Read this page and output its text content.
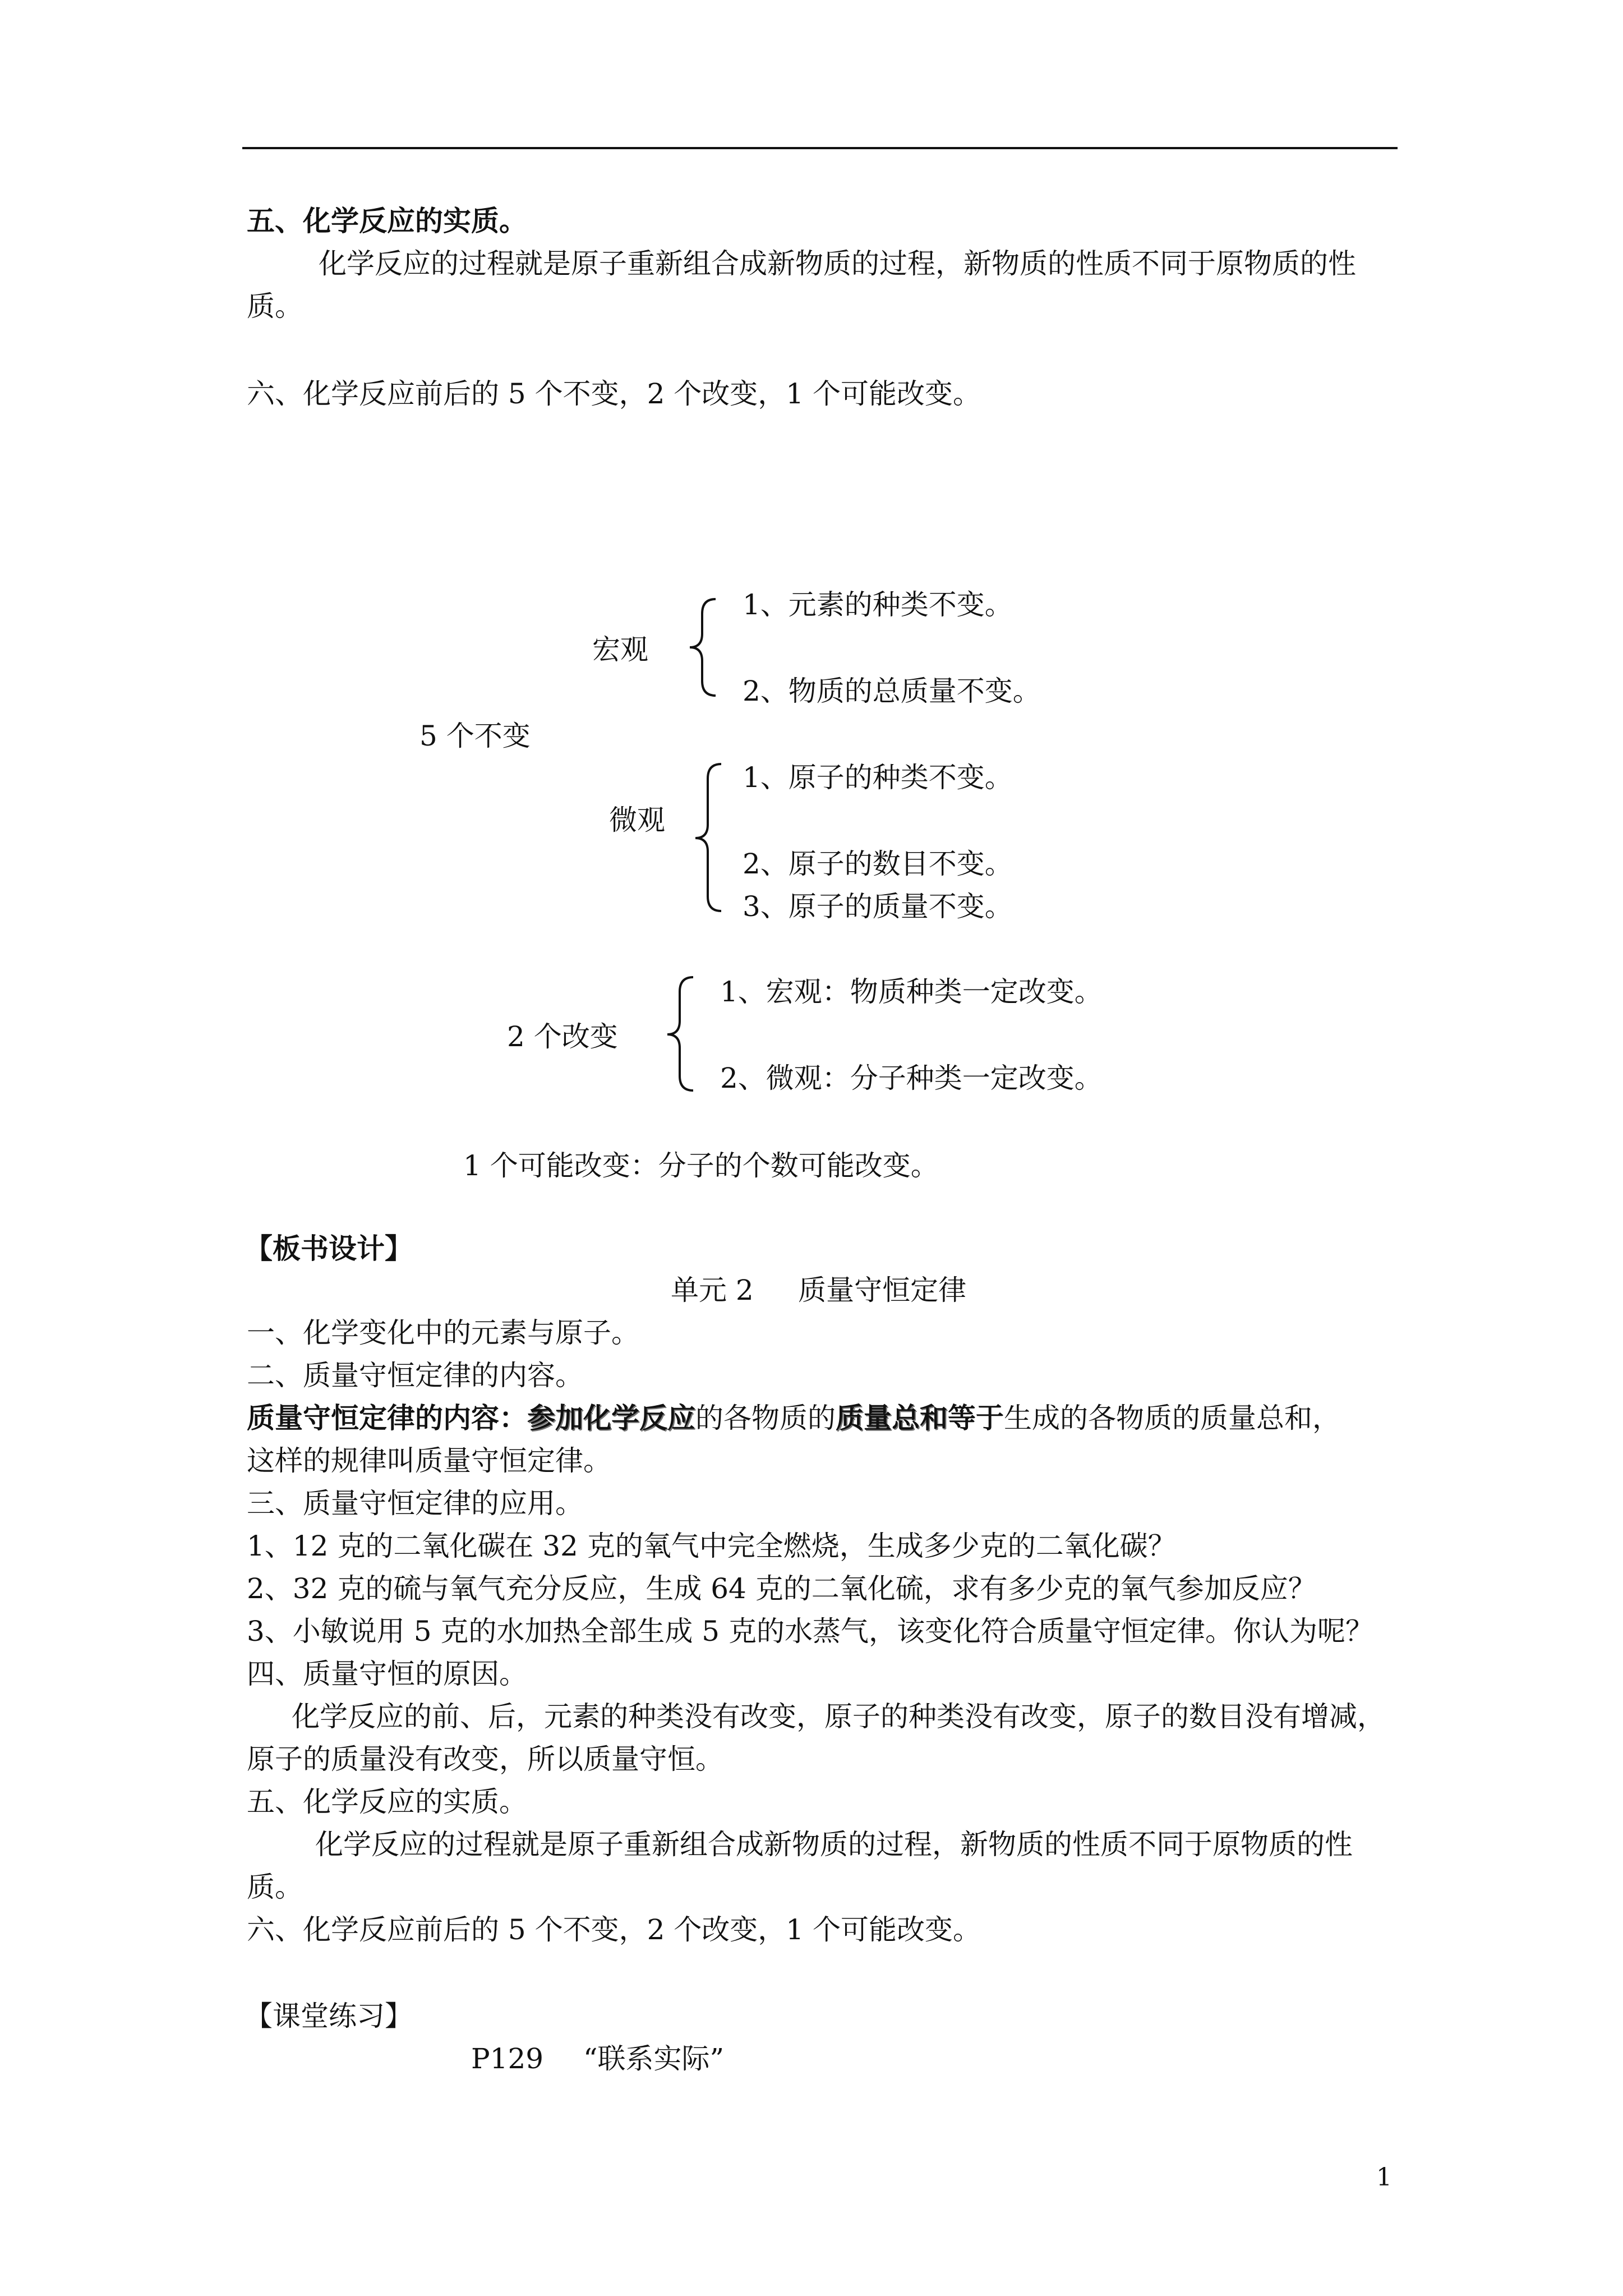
五、化学反应的实质。
化学反应的过程就是原子重新组合成新物质的过程，新物质的性质不同于原物质的性
质。
六、化学反应前后的 5 个不变，2 个改变，1 个可能改变。
宏观
1、元素的种类不变。
2、物质的总质量不变。
5 个不变
微观
1、原子的种类不变。
2、原子的数目不变。
3、原子的质量不变。
2 个改变
1、宏观：物质种类一定改变。
2、微观：分子种类一定改变。
1 个可能改变：分子的个数可能改变。
【板书设计】
单元 2     质量守恒定律
一、化学变化中的元素与原子。
二、质量守恒定律的内容。
质量守恒定律的内容：参加化学反应的各物质的质量总和等于生成的各物质的质量总和，
这样的规律叫质量守恒定律。
三、质量守恒定律的应用。
1、12 克的二氧化碳在 32 克的氧气中完全燃烧，生成多少克的二氧化碳？
2、32 克的硫与氧气充分反应，生成 64 克的二氧化硫，求有多少克的氧气参加反应？
3、小敏说用 5 克的水加热全部生成 5 克的水蒸气，该变化符合质量守恒定律。你认为呢？
四、质量守恒的原因。
化学反应的前、后，元素的种类没有改变，原子的种类没有改变，原子的数目没有增减，
原子的质量没有改变，所以质量守恒。
五、化学反应的实质。
化学反应的过程就是原子重新组合成新物质的过程，新物质的性质不同于原物质的性
质。
六、化学反应前后的 5 个不变，2 个改变，1 个可能改变。
【课堂练习】
P129 “联系实际”
1
